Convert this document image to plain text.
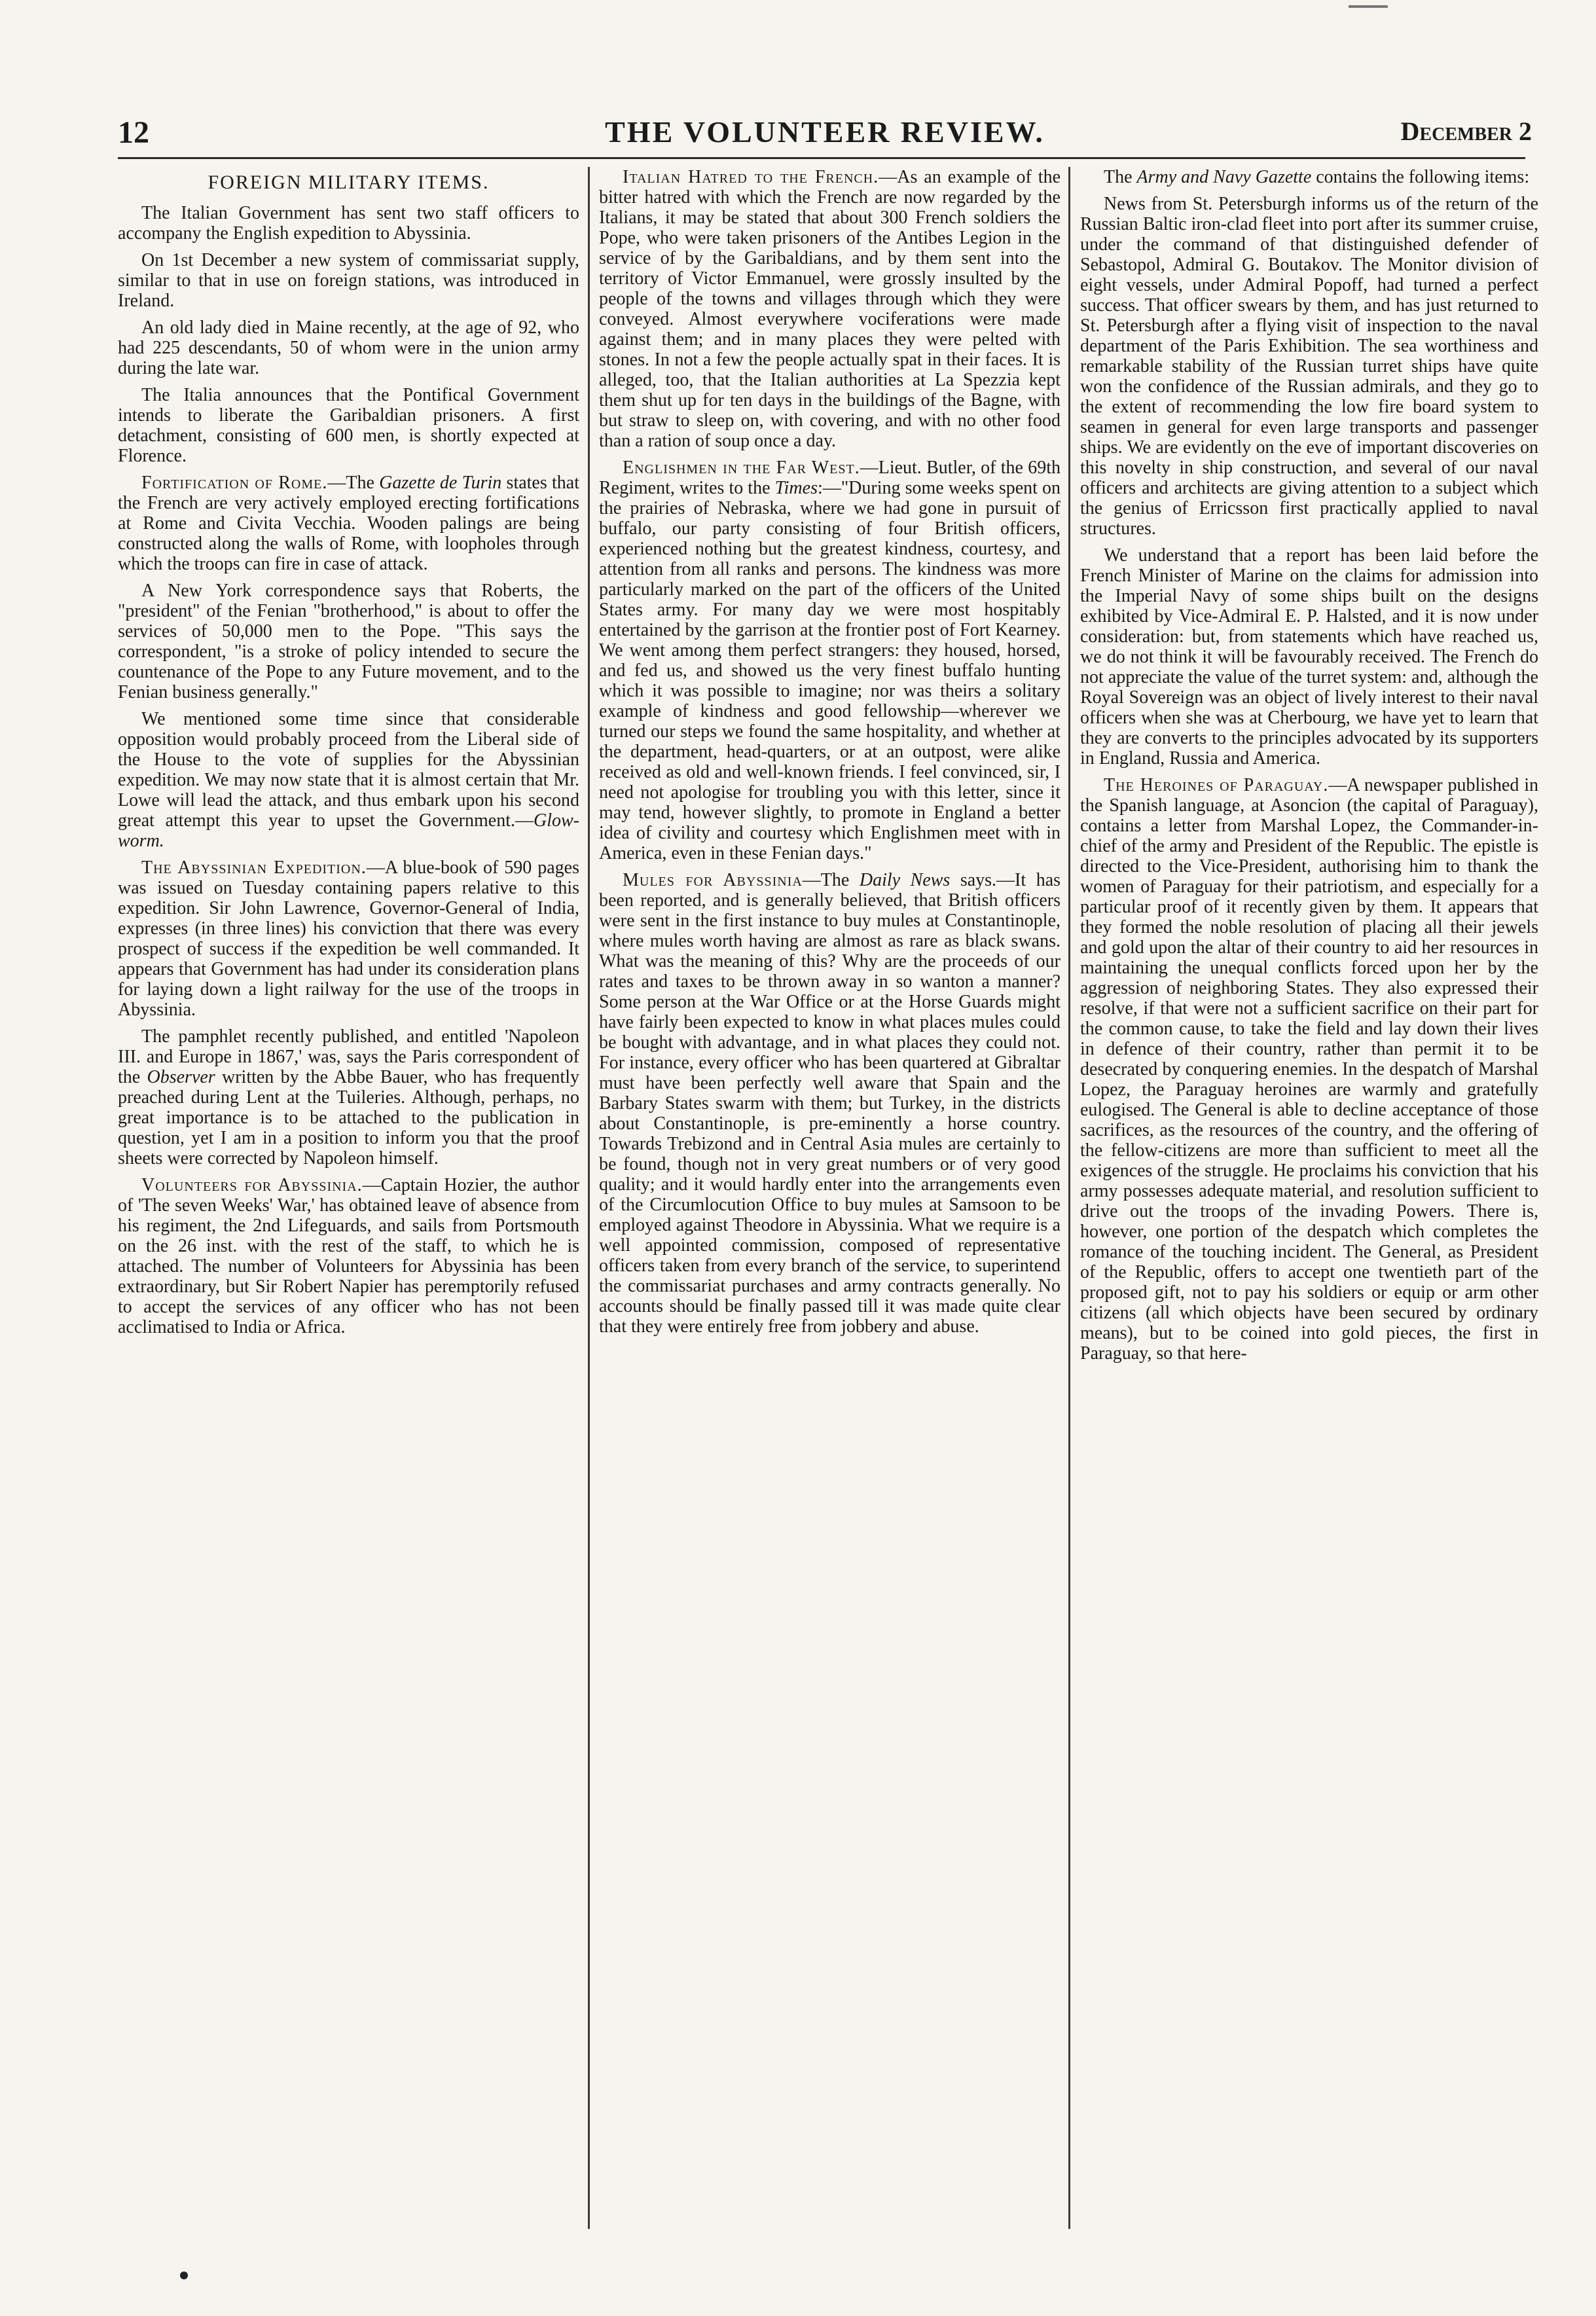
12	THE VOLUNTEER REVIEW.	December 2
FOREIGN MILITARY ITEMS.

The Italian Government has sent two staff officers to accompany the English expedition to Abyssinia.

On 1st December a new system of commissariat supply, similar to that in use on foreign stations, was introduced in Ireland.

An old lady died in Maine recently, at the age of 92, who had 225 descendants, 50 of whom were in the union army during the late war.

The Italia announces that the Pontifical Government intends to liberate the Garibaldian prisoners. A first detachment, consisting of 600 men, is shortly expected at Florence.

Fortification of Rome.—The Gazette de Turin states that the French are very actively employed erecting fortifications at Rome and Civita Vecchia. Wooden palings are being constructed along the walls of Rome, with loopholes through which the troops can fire in case of attack.

A New York correspondence says that Roberts, the "president" of the Fenian "brotherhood," is about to offer the services of 50,000 men to the Pope. "This says the correspondent, "is a stroke of policy intended to secure the countenance of the Pope to any Future movement, and to the Fenian business generally."

We mentioned some time since that considerable opposition would probably proceed from the Liberal side of the House to the vote of supplies for the Abyssinian expedition. We may now state that it is almost certain that Mr. Lowe will lead the attack, and thus embark upon his second great attempt this year to upset the Government.—Glow-worm.

The Abyssinian Expedition.—A blue-book of 590 pages was issued on Tuesday containing papers relative to this expedition. Sir John Lawrence, Governor-General of India, expresses (in three lines) his conviction that there was every prospect of success if the expedition be well commanded. It appears that Government has had under its consideration plans for laying down a light railway for the use of the troops in Abyssinia.

The pamphlet recently published, and entitled 'Napoleon III. and Europe in 1867,' was, says the Paris correspondent of the Observer written by the Abbe Bauer, who has frequently preached during Lent at the Tuileries. Although, perhaps, no great importance is to be attached to the publication in question, yet I am in a position to inform you that the proof sheets were corrected by Napoleon himself.

Volunteers for Abyssinia.—Captain Hozier, the author of 'The seven Weeks' War,' has obtained leave of absence from his regiment, the 2nd Lifeguards, and sails from Portsmouth on the 26 inst. with the rest of the staff, to which he is attached. The number of Volunteers for Abyssinia has been extraordinary, but Sir Robert Napier has peremptorily refused to accept the services of any officer who has not been acclimatised to India or Africa.

Italian Hatred to the French.—As an example of the bitter hatred with which the French are now regarded by the Italians, it may be stated that about 300 French soldiers the Pope, who were taken prisoners of the Antibes Legion in the service of by the Garibaldians, and by them sent into the territory of Victor Emmanuel, were grossly insulted by the people of the towns and villages through which they were conveyed. Almost everywhere vociferations were made against them; and in many places they were pelted with stones. In not a few the people actually spat in their faces. It is alleged, too, that the Italian authorities at La Spezzia kept them shut up for ten days in the buildings of the Bagne, with but straw to sleep on, with covering, and with no other food than a ration of soup once a day.

Englishmen in the Far West.—Lieut. Butler, of the 69th Regiment, writes to the Times:—"During some weeks spent on the prairies of Nebraska, where we had gone in pursuit of buffalo, our party consisting of four British officers, experienced nothing but the greatest kindness, courtesy, and attention from all ranks and persons. The kindness was more particularly marked on the part of the officers of the United States army. For many day we were most hospitably entertained by the garrison at the frontier post of Fort Kearney. We went among them perfect strangers: they housed, horsed, and fed us, and showed us the very finest buffalo hunting which it was possible to imagine; nor was theirs a solitary example of kindness and good fellowship—wherever we turned our steps we found the same hospitality, and whether at the department, head-quarters, or at an outpost, were alike received as old and well-known friends. I feel convinced, sir, I need not apologise for troubling you with this letter, since it may tend, however slightly, to promote in England a better idea of civility and courtesy which Englishmen meet with in America, even in these Fenian days."

Mules for Abyssinia—The Daily News says.—It has been reported, and is generally believed, that British officers were sent in the first instance to buy mules at Constantinople, where mules worth having are almost as rare as black swans. What was the meaning of this? Why are the proceeds of our rates and taxes to be thrown away in so wanton a manner? Some person at the War Office or at the Horse Guards might have fairly been expected to know in what places mules could be bought with advantage, and in what places they could not. For instance, every officer who has been quartered at Gibraltar must have been perfectly well aware that Spain and the Barbary States swarm with them; but Turkey, in the districts about Constantinople, is pre-eminently a horse country. Towards Trebizond and in Central Asia mules are certainly to be found, though not in very great numbers or of very good quality; and it would hardly enter into the arrangements even of the Circumlocution Office to buy mules at Samsoon to be employed against Theodore in Abyssinia. What we require is a well appointed commission, composed of representative officers taken from every branch of the service, to superintend the commissariat purchases and army contracts generally. No accounts should be finally passed till it was made quite clear that they were entirely free from jobbery and abuse.

The Army and Navy Gazette contains the following items:

News from St. Petersburgh informs us of the return of the Russian Baltic iron-clad fleet into port after its summer cruise, under the command of that distinguished defender of Sebastopol, Admiral G. Boutakov. The Monitor division of eight vessels, under Admiral Popoff, had turned a perfect success. That officer swears by them, and has just returned to St. Petersburgh after a flying visit of inspection to the naval department of the Paris Exhibition. The sea worthiness and remarkable stability of the Russian turret ships have quite won the confidence of the Russian admirals, and they go to the extent of recommending the low fire board system to seamen in general for even large transports and passenger ships. We are evidently on the eve of important discoveries on this novelty in ship construction, and several of our naval officers and architects are giving attention to a subject which the genius of Erricsson first practically applied to naval structures.

We understand that a report has been laid before the French Minister of Marine on the claims for admission into the Imperial Navy of some ships built on the designs exhibited by Vice-Admiral E. P. Halsted, and it is now under consideration: but, from statements which have reached us, we do not think it will be favourably received. The French do not appreciate the value of the turret system: and, although the Royal Sovereign was an object of lively interest to their naval officers when she was at Cherbourg, we have yet to learn that they are converts to the principles advocated by its supporters in England, Russia and America.

The Heroines of Paraguay.—A newspaper published in the Spanish language, at Asoncion (the capital of Paraguay), contains a letter from Marshal Lopez, the Commander-in-chief of the army and President of the Republic. The epistle is directed to the Vice-President, authorising him to thank the women of Paraguay for their patriotism, and especially for a particular proof of it recently given by them. It appears that they formed the noble resolution of placing all their jewels and gold upon the altar of their country to aid her resources in maintaining the unequal conflicts forced upon her by the aggression of neighboring States. They also expressed their resolve, if that were not a sufficient sacrifice on their part for the common cause, to take the field and lay down their lives in defence of their country, rather than permit it to be desecrated by conquering enemies. In the despatch of Marshal Lopez, the Paraguay heroines are warmly and gratefully eulogised. The General is able to decline acceptance of those sacrifices, as the resources of the country, and the offering of the fellow-citizens are more than sufficient to meet all the exigences of the struggle. He proclaims his conviction that his army possesses adequate material, and resolution sufficient to drive out the troops of the invading Powers. There is, however, one portion of the despatch which completes the romance of the touching incident. The General, as President of the Republic, offers to accept one twentieth part of the proposed gift, not to pay his soldiers or equip or arm other citizens (all which objects have been secured by ordinary means), but to be coined into gold pieces, the first in Paraguay, so that here-
